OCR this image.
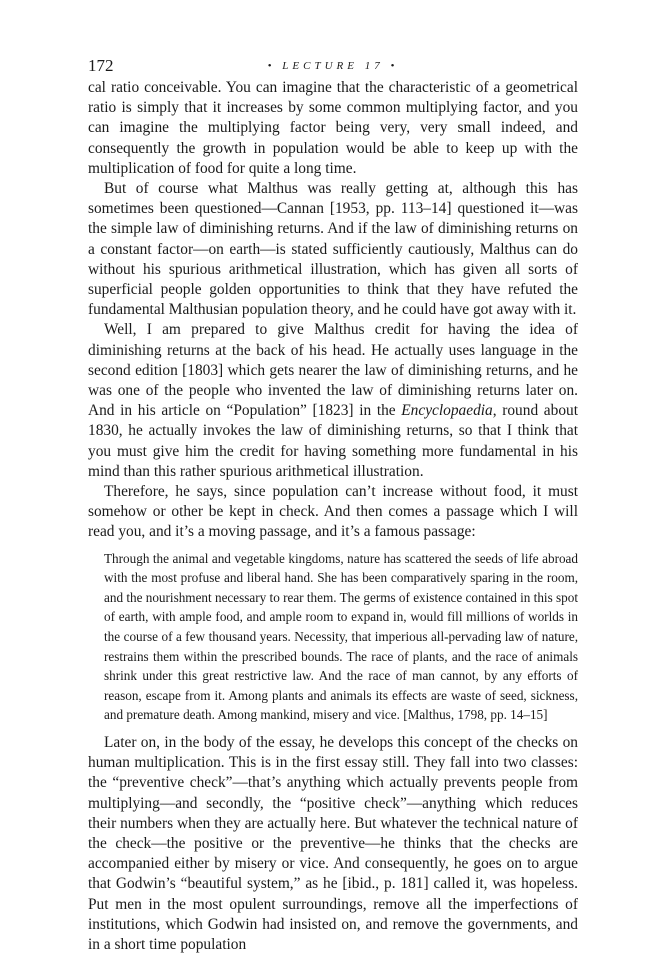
172	• LECTURE 17 •

cal ratio conceivable. You can imagine that the characteristic of a geometrical ratio is simply that it increases by some common multiplying factor, and you can imagine the multiplying factor being very, very small indeed, and consequently the growth in population would be able to keep up with the multiplication of food for quite a long time.

But of course what Malthus was really getting at, although this has sometimes been questioned—Cannan [1953, pp. 113–14] questioned it—was the simple law of diminishing returns. And if the law of diminishing returns on a constant factor—on earth—is stated sufficiently cautiously, Malthus can do without his spurious arithmetical illustration, which has given all sorts of superficial people golden opportunities to think that they have refuted the fundamental Malthusian population theory, and he could have got away with it.

Well, I am prepared to give Malthus credit for having the idea of diminishing returns at the back of his head. He actually uses language in the second edition [1803] which gets nearer the law of diminishing returns, and he was one of the people who invented the law of diminishing returns later on. And in his article on “Population” [1823] in the Encyclopaedia, round about 1830, he actually invokes the law of diminishing returns, so that I think that you must give him the credit for having something more fundamental in his mind than this rather spurious arithmetical illustration.

Therefore, he says, since population can’t increase without food, it must somehow or other be kept in check. And then comes a passage which I will read you, and it’s a moving passage, and it’s a famous passage:

Through the animal and vegetable kingdoms, nature has scattered the seeds of life abroad with the most profuse and liberal hand. She has been comparatively sparing in the room, and the nourishment necessary to rear them. The germs of existence contained in this spot of earth, with ample food, and ample room to expand in, would fill millions of worlds in the course of a few thousand years. Necessity, that imperious all-pervading law of nature, restrains them within the prescribed bounds. The race of plants, and the race of animals shrink under this great restrictive law. And the race of man cannot, by any efforts of reason, escape from it. Among plants and animals its effects are waste of seed, sickness, and premature death. Among mankind, misery and vice. [Malthus, 1798, pp. 14–15]

Later on, in the body of the essay, he develops this concept of the checks on human multiplication. This is in the first essay still. They fall into two classes: the “preventive check”—that’s anything which actually prevents people from multiplying—and secondly, the “positive check”—anything which reduces their numbers when they are actually here. But whatever the technical nature of the check—the positive or the preventive—he thinks that the checks are accompanied either by misery or vice. And consequently, he goes on to argue that Godwin’s “beautiful system,” as he [ibid., p. 181] called it, was hopeless. Put men in the most opulent surroundings, remove all the imperfections of institutions, which Godwin had insisted on, and remove the governments, and in a short time population
